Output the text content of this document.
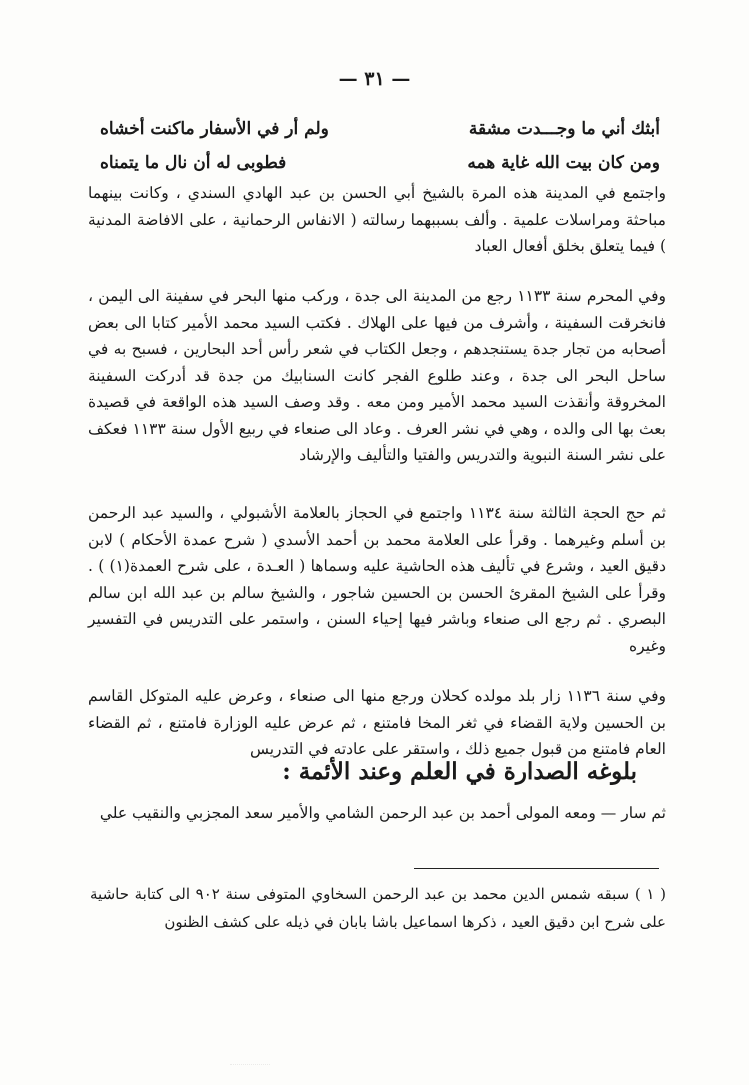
— ٣١ —
أبثك أني ما وجـــدت مشقة
ولم أر في الأسفار ماكنت أخشاه
ومن كان بيت الله غاية همه
فطوبى له أن نال ما يتمناه

واجتمع في المدينة هذه المرة بالشيخ أبي الحسن بن عبد الهادي السندي ، وكانت بينهما مباحثة ومراسلات علمية . وألف بسببهما رسالته ( الانفاس الرحمانية ، على الافاضة المدنية ) فيما يتعلق بخلق أفعال العباد

وفي المحرم سنة ١١٣٣ رجع من المدينة الى جدة ، وركب منها البحر في سفينة الى اليمن ، فانخرقت السفينة ، وأشرف من فيها على الهلاك . فكتب السيد محمد الأمير كتابا الى بعض أصحابه من تجار جدة يستنجدهم ، وجعل الكتاب في شعر رأس أحد البحارين ، فسبح به في ساحل البحر الى جدة ، وعند طلوع الفجر كانت السنابيك من جدة قد أدركت السفينة المخروقة وأنقذت السيد محمد الأمير ومن معه . وقد وصف السيد هذه الواقعة في قصيدة بعث بها الى والده ، وهي في نشر العرف . وعاد الى صنعاء في ربيع الأول سنة ١١٣٣ فعكف على نشر السنة النبوية والتدريس والفتيا والتأليف والإرشاد

ثم حج الحجة الثالثة سنة ١١٣٤ واجتمع في الحجاز بالعلامة الأشبولي ، والسيد عبد الرحمن بن أسلم وغيرهما . وقرأ على العلامة محمد بن أحمد الأسدي ( شرح عمدة الأحكام ) لابن دقيق العيد ، وشرع في تأليف هذه الحاشية عليه وسماها ( العـدة ، على شرح العمدة(١) ) . وقرأ على الشيخ المقرئ الحسن بن الحسين شاجور ، والشيخ سالم بن عبد الله ابن سالم البصري . ثم رجع الى صنعاء وباشر فيها إحياء السنن ، واستمر على التدريس في التفسير وغيره

وفي سنة ١١٣٦ زار بلد مولده كحلان ورجع منها الى صنعاء ، وعرض عليه المتوكل القاسم بن الحسين ولاية القضاء في ثغر المخا فامتنع ، ثم عرض عليه الوزارة فامتنع ، ثم القضاء العام فامتنع من قبول جميع ذلك ، واستقر على عادته في التدريس

بلوغه الصدارة في العلم وعند الأئمة :
ثم سار — ومعه المولى أحمد بن عبد الرحمن الشامي والأمير سعد المجزبي والنقيب علي

( ١ ) سبقه شمس الدين محمد بن عبد الرحمن السخاوي المتوفى سنة ٩٠٢ الى كتابة حاشية على شرح ابن دقيق العيد ، ذكرها اسماعيل باشا بابان في ذيله على كشف الظنون
